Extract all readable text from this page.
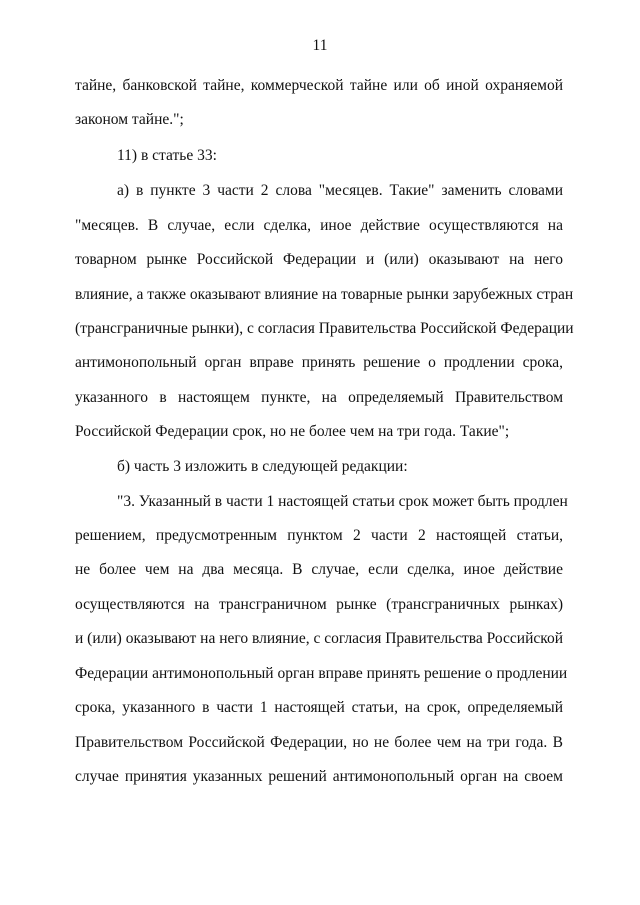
11
тайне, банковской тайне, коммерческой тайне или об иной охраняемой
законом тайне.";
11) в статье 33:
а) в пункте 3 части 2 слова "месяцев. Такие" заменить словами
"месяцев. В случае, если сделка, иное действие осуществляются на
товарном рынке Российской Федерации и (или) оказывают на него
влияние, а также оказывают влияние на товарные рынки зарубежных стран
(трансграничные рынки), с согласия Правительства Российской Федерации
антимонопольный орган вправе принять решение о продлении срока,
указанного в настоящем пункте, на определяемый Правительством
Российской Федерации срок, но не более чем на три года. Такие";
б) часть 3 изложить в следующей редакции:
"3. Указанный в части 1 настоящей статьи срок может быть продлен
решением, предусмотренным пунктом 2 части 2 настоящей статьи,
не более чем на два месяца. В случае, если сделка, иное действие
осуществляются на трансграничном рынке (трансграничных рынках)
и (или) оказывают на него влияние, с согласия Правительства Российской
Федерации антимонопольный орган вправе принять решение о продлении
срока, указанного в части 1 настоящей статьи, на срок, определяемый
Правительством Российской Федерации, но не более чем на три года. В
случае принятия указанных решений антимонопольный орган на своем
